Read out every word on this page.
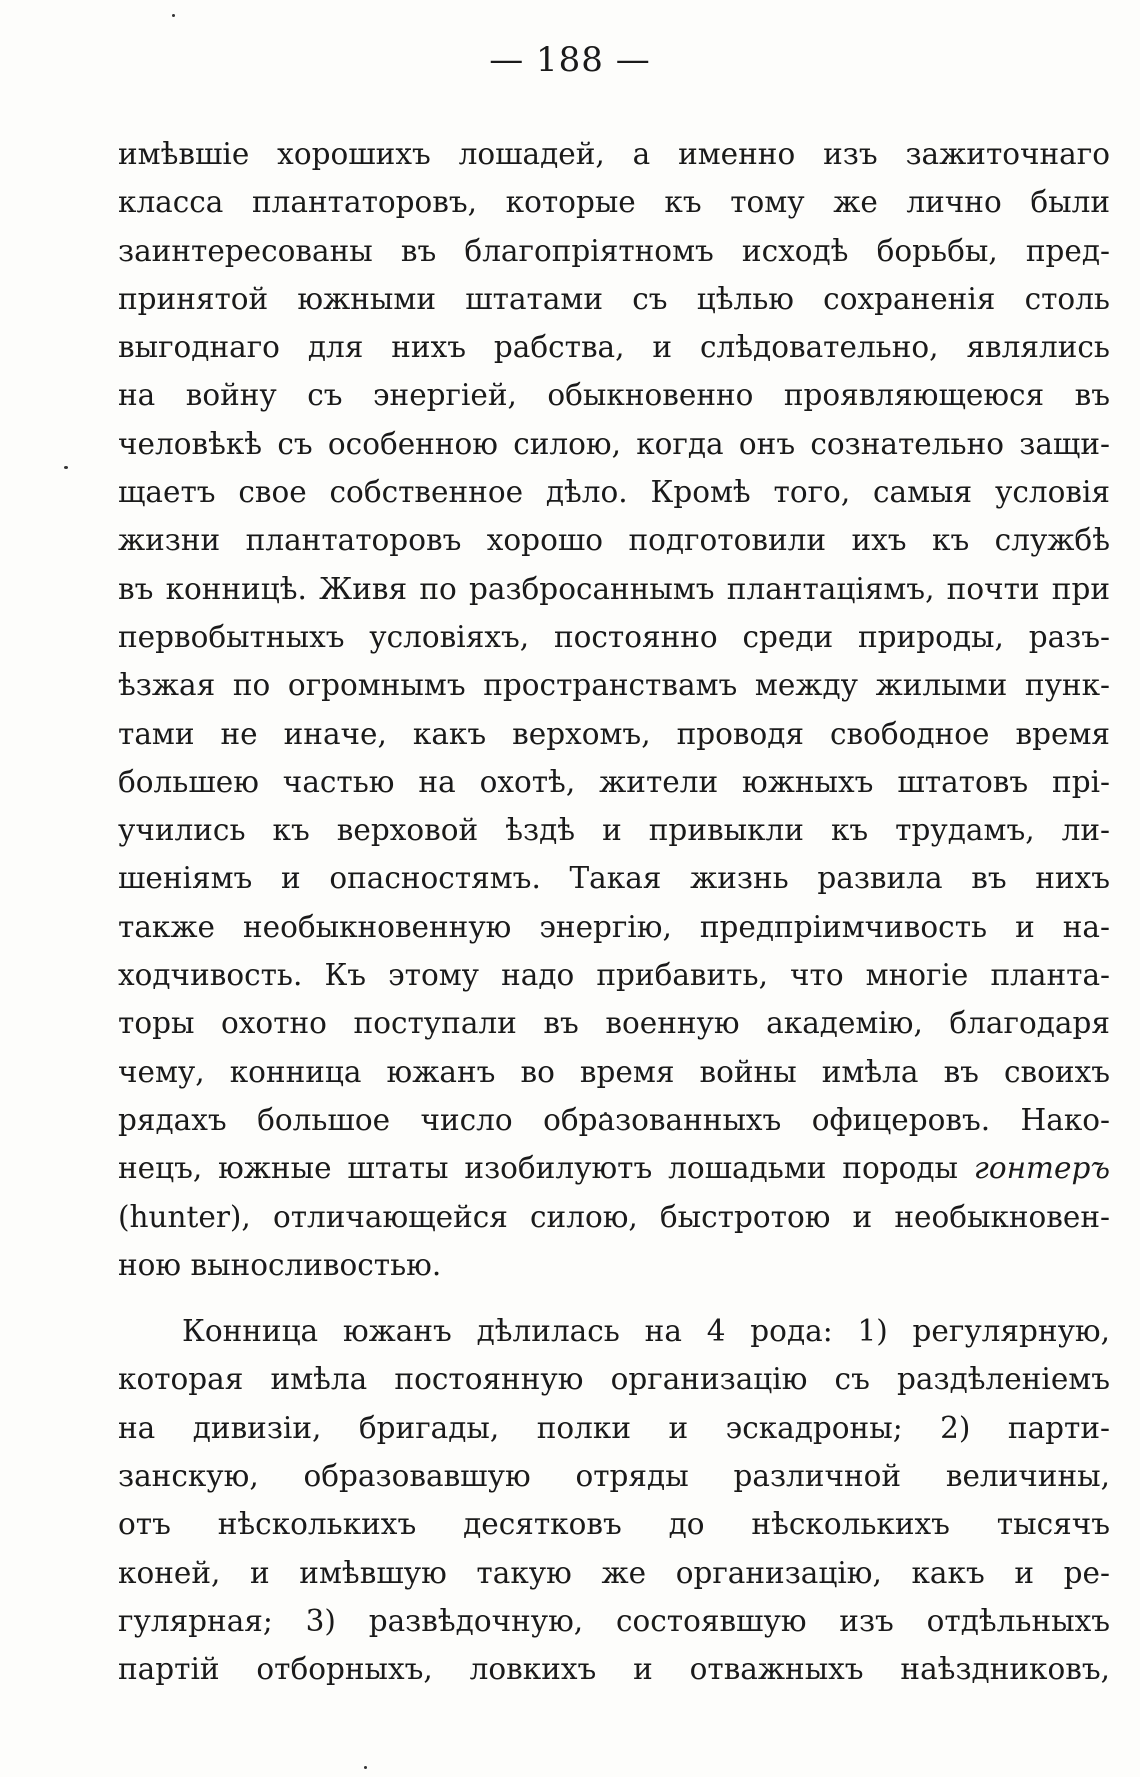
— 188 —
имѣвшіе хорошихъ лошадей, а именно изъ зажиточнаго
класса плантаторовъ, которые къ тому же лично были
заинтересованы въ благопріятномъ исходѣ борьбы, пред-
принятой южными штатами съ цѣлью сохраненія столь
выгоднаго для нихъ рабства, и слѣдовательно, являлись
на войну съ энергіей, обыкновенно проявляющеюся въ
человѣкѣ съ особенною силою, когда онъ сознательно защи-
щаетъ свое собственное дѣло. Кромѣ того, самыя условія
жизни плантаторовъ хорошо подготовили ихъ къ службѣ
въ конницѣ. Живя по разбросаннымъ плантаціямъ, почти при
первобытныхъ условіяхъ, постоянно среди природы, разъ-
ѣзжая по огромнымъ пространствамъ между жилыми пунк-
тами не иначе, какъ верхомъ, проводя свободное время
большею частью на охотѣ, жители южныхъ штатовъ прі-
учились къ верховой ѣздѣ и привыкли къ трудамъ, ли-
шеніямъ и опасностямъ. Такая жизнь развила въ нихъ
также необыкновенную энергію, предпріимчивость и на-
ходчивость. Къ этому надо прибавить, что многіе планта-
торы охотно поступали въ военную академію, благодаря
чему, конница южанъ во время войны имѣла въ своихъ
рядахъ большое число образованныхъ офицеровъ. Нако-
нецъ, южные штаты изобилуютъ лошадьми породы гонтеръ
(hunter), отличающейся силою, быстротою и необыкновен-
ною выносливостью.
Конница южанъ дѣлилась на 4 рода: 1) регулярную,
которая имѣла постоянную организацію съ раздѣленіемъ
на дивизіи, бригады, полки и эскадроны; 2) парти-
занскую, образовавшую отряды различной величины,
отъ нѣсколькихъ десятковъ до нѣсколькихъ тысячъ
коней, и имѣвшую такую же организацію, какъ и ре-
гулярная; 3) развѣдочную, состоявшую изъ отдѣльныхъ
партій отборныхъ, ловкихъ и отважныхъ наѣздниковъ,
